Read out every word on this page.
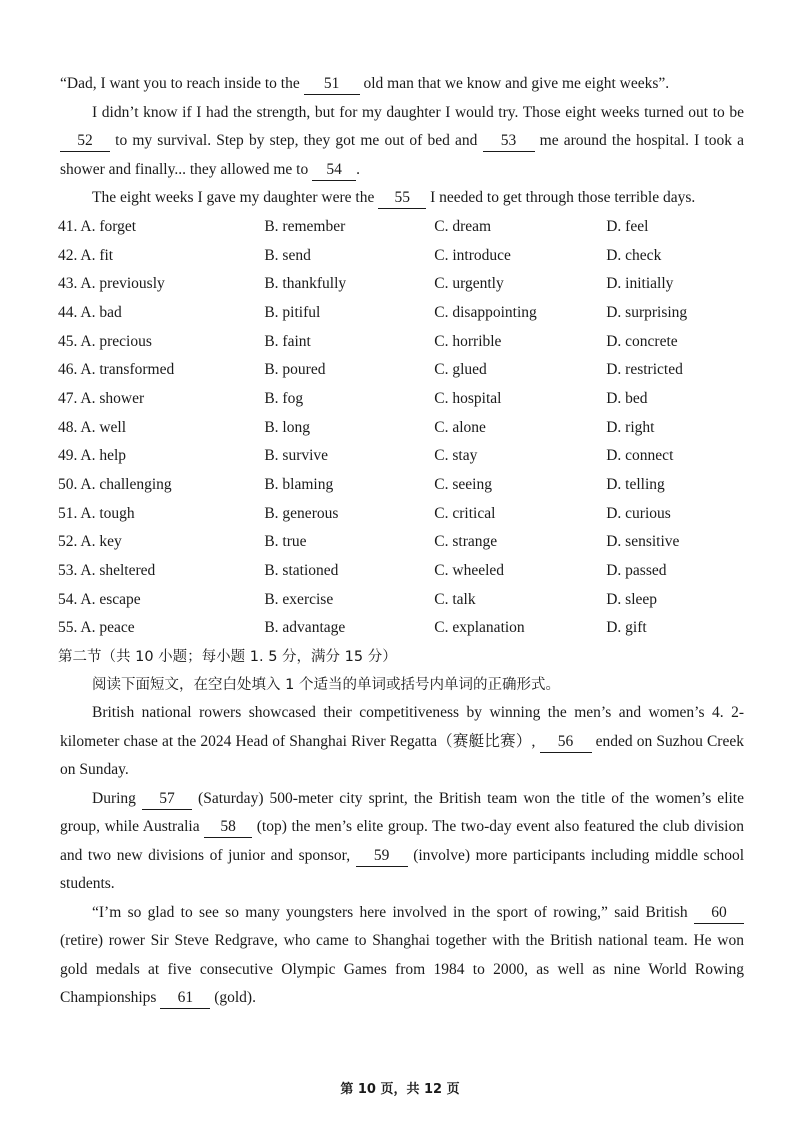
“Dad, I want you to reach inside to the 51 old man that we know and give me eight weeks”.

I didn’t know if I had the strength, but for my daughter I would try. Those eight weeks turned out to be 52 to my survival. Step by step, they got me out of bed and 53 me around the hospital. I took a shower and finally... they allowed me to 54 .

The eight weeks I gave my daughter were the 55 I needed to get through those terrible days.

41. A. forget	B. remember	C. dream	D. feel
42. A. fit	B. send	C. introduce	D. check
43. A. previously	B. thankfully	C. urgently	D. initially
44. A. bad	B. pitiful	C. disappointing	D. surprising
45. A. precious	B. faint	C. horrible	D. concrete
46. A. transformed	B. poured	C. glued	D. restricted
47. A. shower	B. fog	C. hospital	D. bed
48. A. well	B. long	C. alone	D. right
49. A. help	B. survive	C. stay	D. connect
50. A. challenging	B. blaming	C. seeing	D. telling
51. A. tough	B. generous	C. critical	D. curious
52. A. key	B. true	C. strange	D. sensitive
53. A. sheltered	B. stationed	C. wheeled	D. passed
54. A. escape	B. exercise	C. talk	D. sleep
55. A. peace	B. advantage	C. explanation	D. gift
第二节（共 10 小题；每小题 1. 5 分，满分 15 分）

阅读下面短文，在空白处填入 1 个适当的单词或括号内单词的正确形式。

British national rowers showcased their competitiveness by winning the men’s and women’s 4. 2-kilometer chase at the 2024 Head of Shanghai River Regatta（赛艇比赛）, 56 ended on Suzhou Creek on Sunday.

During 57 (Saturday) 500-meter city sprint, the British team won the title of the women’s elite group, while Australia 58 (top) the men’s elite group. The two-day event also featured the club division and two new divisions of junior and sponsor, 59 (involve) more participants including middle school students.

“I’m so glad to see so many youngsters here involved in the sport of rowing,” said British 60 (retire) rower Sir Steve Redgrave, who came to Shanghai together with the British national team. He won gold medals at five consecutive Olympic Games from 1984 to 2000, as well as nine World Rowing Championships 61 (gold).

第 10 页，共 12 页
